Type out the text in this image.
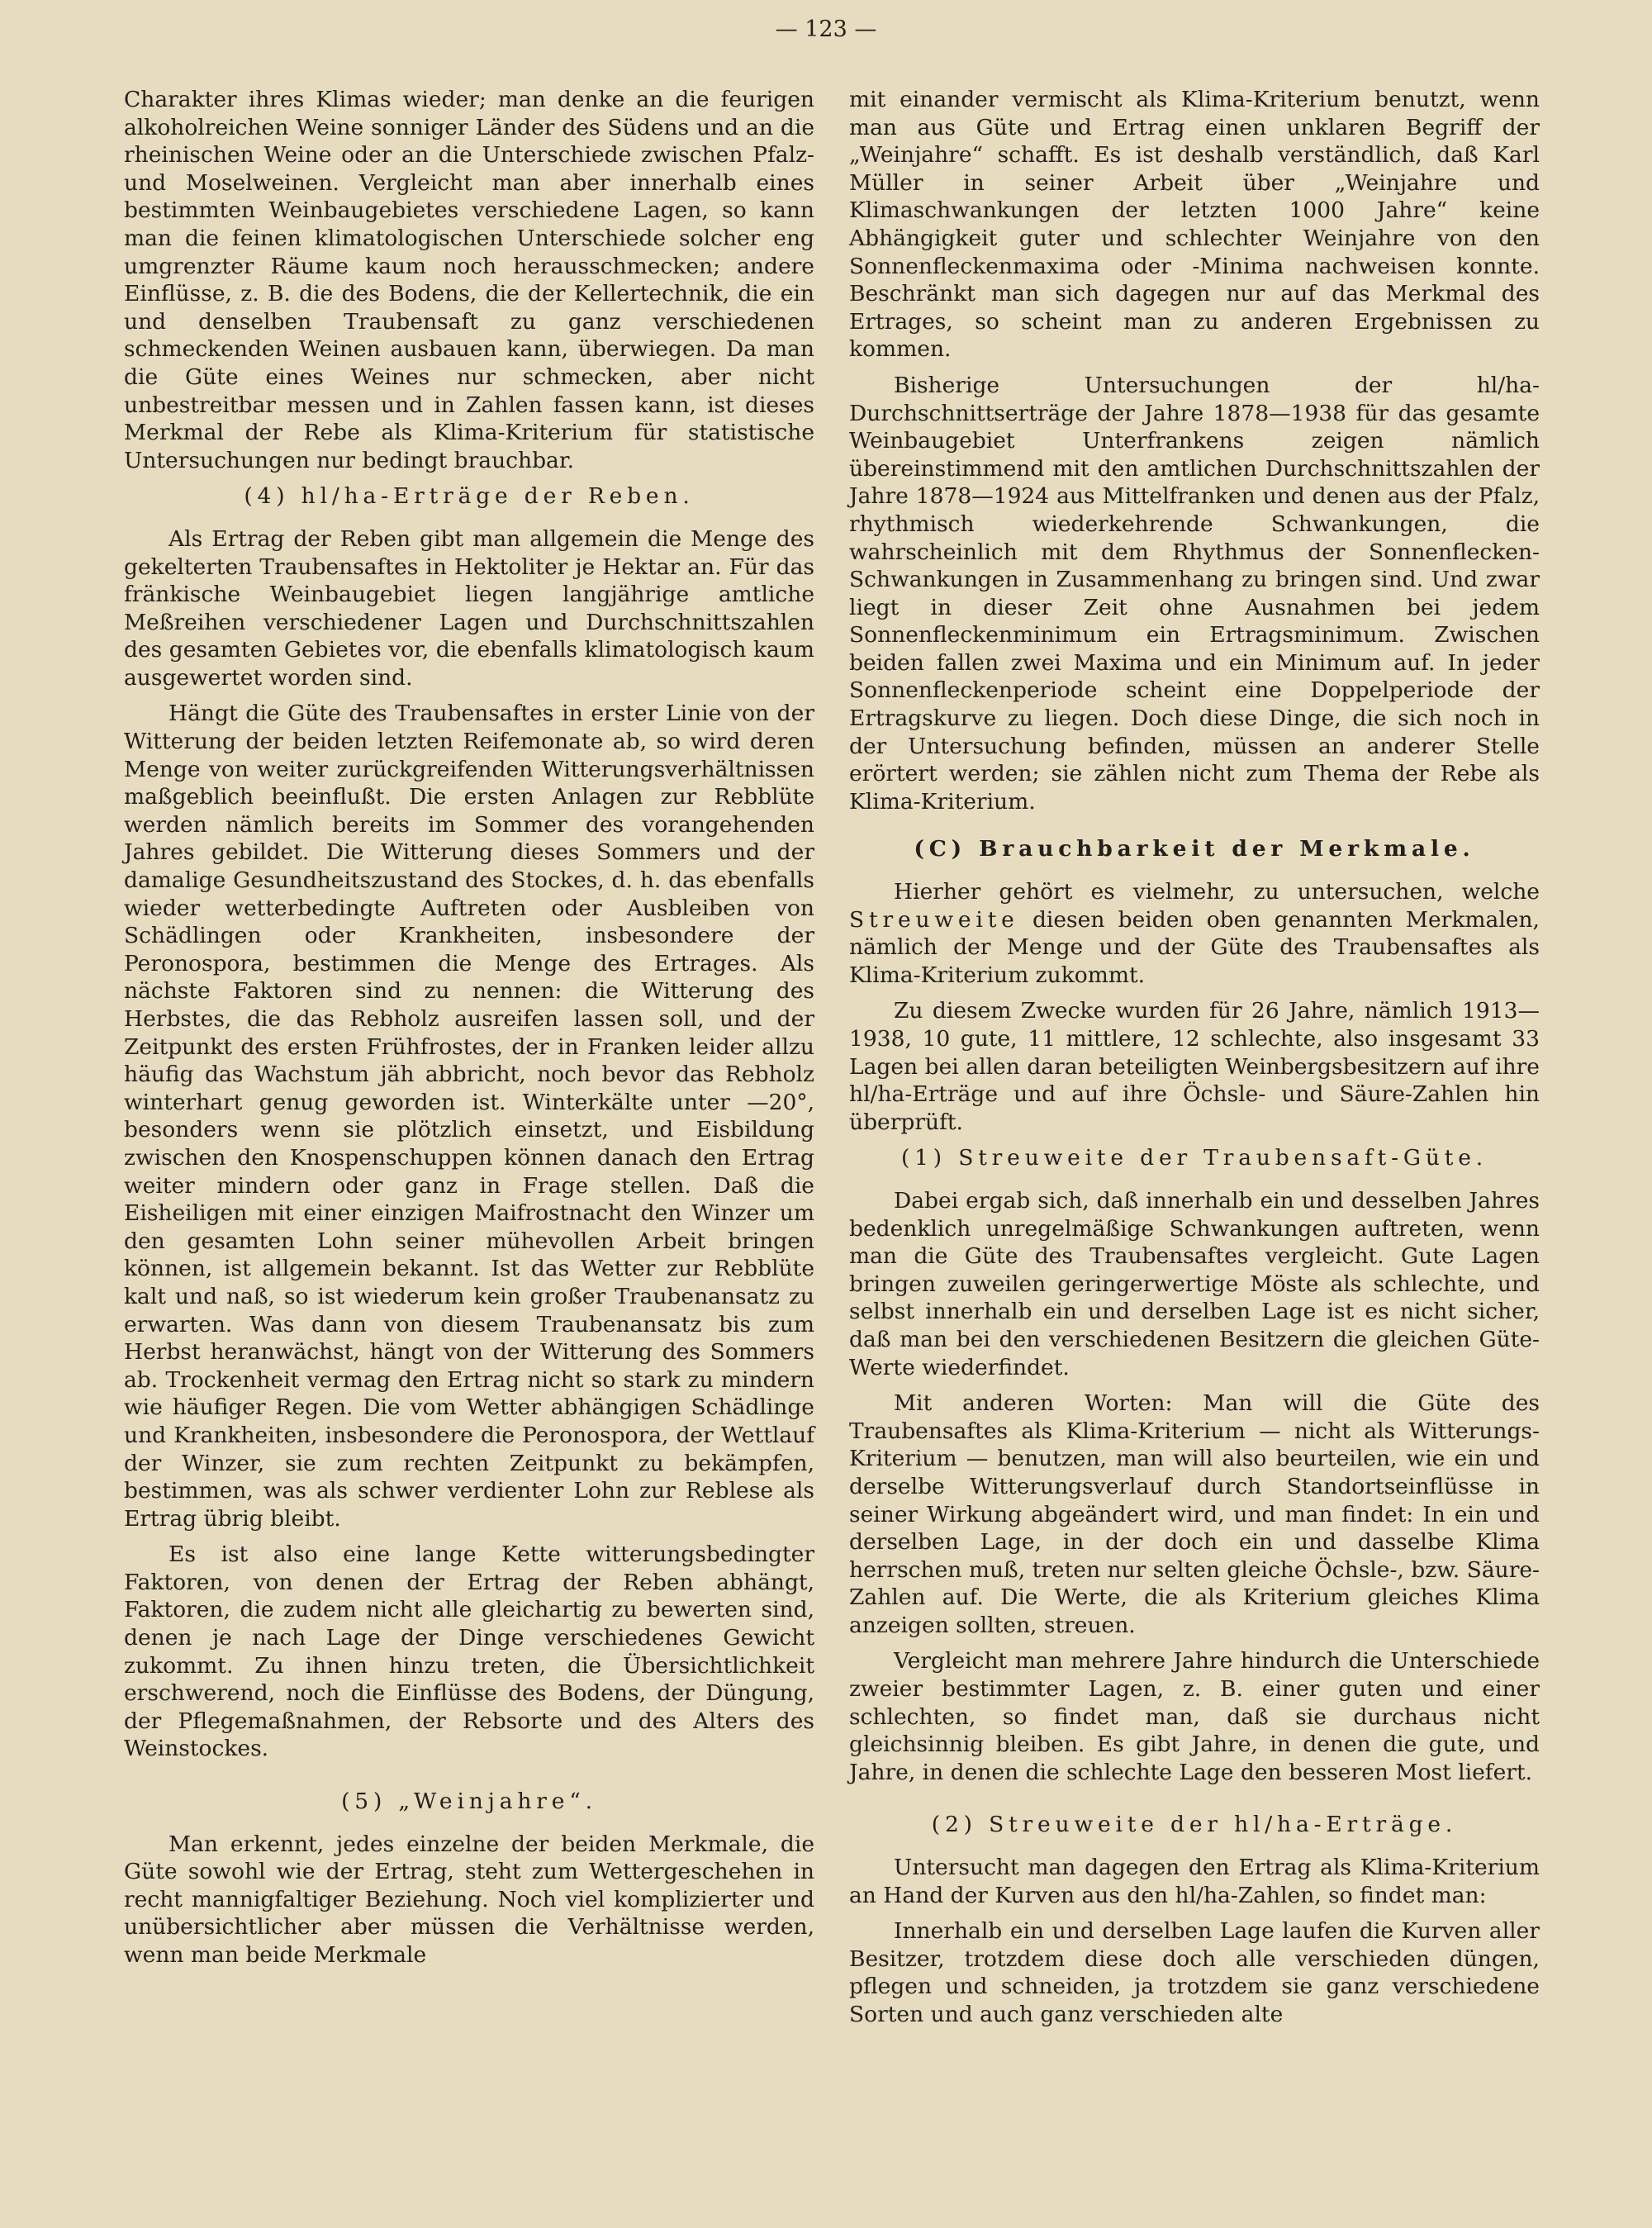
— 123 —

Charakter ihres Klimas wieder; man denke an die feurigen alkoholreichen Weine sonniger Länder des Südens und an die rheinischen Weine oder an die Unterschiede zwischen Pfalz- und Moselweinen. Vergleicht man aber innerhalb eines bestimmten Weinbaugebietes verschiedene Lagen, so kann man die feinen klimatologischen Unterschiede solcher eng umgrenzter Räume kaum noch herausschmecken; andere Einflüsse, z. B. die des Bodens, die der Kellertechnik, die ein und denselben Traubensaft zu ganz verschiedenen schmeckenden Weinen ausbauen kann, überwiegen. Da man die Güte eines Weines nur schmecken, aber nicht unbestreitbar messen und in Zahlen fassen kann, ist dieses Merkmal der Rebe als Klima-Kriterium für statistische Untersuchungen nur bedingt brauchbar.

(4) hl/ha-Erträge der Reben.

Als Ertrag der Reben gibt man allgemein die Menge des gekelterten Traubensaftes in Hektoliter je Hektar an. Für das fränkische Weinbaugebiet liegen langjährige amtliche Meßreihen verschiedener Lagen und Durchschnittszahlen des gesamten Gebietes vor, die ebenfalls klimatologisch kaum ausgewertet worden sind.

Hängt die Güte des Traubensaftes in erster Linie von der Witterung der beiden letzten Reifemonate ab, so wird deren Menge von weiter zurückgreifenden Witterungsverhältnissen maßgeblich beeinflußt. Die ersten Anlagen zur Rebblüte werden nämlich bereits im Sommer des vorangehenden Jahres gebildet. Die Witterung dieses Sommers und der damalige Gesundheitszustand des Stockes, d. h. das ebenfalls wieder wetterbedingte Auftreten oder Ausbleiben von Schädlingen oder Krankheiten, insbesondere der Peronospora, bestimmen die Menge des Ertrages. Als nächste Faktoren sind zu nennen: die Witterung des Herbstes, die das Rebholz ausreifen lassen soll, und der Zeitpunkt des ersten Frühfrostes, der in Franken leider allzu häufig das Wachstum jäh abbricht, noch bevor das Rebholz winterhart genug geworden ist. Winterkälte unter —20°, besonders wenn sie plötzlich einsetzt, und Eisbildung zwischen den Knospenschuppen können danach den Ertrag weiter mindern oder ganz in Frage stellen. Daß die Eisheiligen mit einer einzigen Maifrostnacht den Winzer um den gesamten Lohn seiner mühevollen Arbeit bringen können, ist allgemein bekannt. Ist das Wetter zur Rebblüte kalt und naß, so ist wiederum kein großer Traubenansatz zu erwarten. Was dann von diesem Traubenansatz bis zum Herbst heranwächst, hängt von der Witterung des Sommers ab. Trockenheit vermag den Ertrag nicht so stark zu mindern wie häufiger Regen. Die vom Wetter abhängigen Schädlinge und Krankheiten, insbesondere die Peronospora, der Wettlauf der Winzer, sie zum rechten Zeitpunkt zu bekämpfen, bestimmen, was als schwer verdienter Lohn zur Reblese als Ertrag übrig bleibt.

Es ist also eine lange Kette witterungsbedingter Faktoren, von denen der Ertrag der Reben abhängt, Faktoren, die zudem nicht alle gleichartig zu bewerten sind, denen je nach Lage der Dinge verschiedenes Gewicht zukommt. Zu ihnen hinzu treten, die Übersichtlichkeit erschwerend, noch die Einflüsse des Bodens, der Düngung, der Pflegemaßnahmen, der Rebsorte und des Alters des Weinstockes.

(5) „Weinjahre“.

Man erkennt, jedes einzelne der beiden Merkmale, die Güte sowohl wie der Ertrag, steht zum Wettergeschehen in recht mannigfaltiger Beziehung. Noch viel komplizierter und unübersichtlicher aber müssen die Verhältnisse werden, wenn man beide Merkmale

mit einander vermischt als Klima-Kriterium benutzt, wenn man aus Güte und Ertrag einen unklaren Begriff der „Weinjahre“ schafft. Es ist deshalb verständlich, daß Karl Müller in seiner Arbeit über „Weinjahre und Klimaschwankungen der letzten 1000 Jahre“ keine Abhängigkeit guter und schlechter Weinjahre von den Sonnenfleckenmaxima oder -Minima nachweisen konnte. Beschränkt man sich dagegen nur auf das Merkmal des Ertrages, so scheint man zu anderen Ergebnissen zu kommen.

Bisherige Untersuchungen der hl/ha-Durchschnittserträge der Jahre 1878—1938 für das gesamte Weinbaugebiet Unterfrankens zeigen nämlich übereinstimmend mit den amtlichen Durchschnittszahlen der Jahre 1878—1924 aus Mittelfranken und denen aus der Pfalz, rhythmisch wiederkehrende Schwankungen, die wahrscheinlich mit dem Rhythmus der Sonnenflecken-Schwankungen in Zusammenhang zu bringen sind. Und zwar liegt in dieser Zeit ohne Ausnahmen bei jedem Sonnenfleckenminimum ein Ertragsminimum. Zwischen beiden fallen zwei Maxima und ein Minimum auf. In jeder Sonnenfleckenperiode scheint eine Doppelperiode der Ertragskurve zu liegen. Doch diese Dinge, die sich noch in der Untersuchung befinden, müssen an anderer Stelle erörtert werden; sie zählen nicht zum Thema der Rebe als Klima-Kriterium.

(C) Brauchbarkeit der Merkmale.

Hierher gehört es vielmehr, zu untersuchen, welche Streuweite diesen beiden oben genannten Merkmalen, nämlich der Menge und der Güte des Traubensaftes als Klima-Kriterium zukommt.

Zu diesem Zwecke wurden für 26 Jahre, nämlich 1913—1938, 10 gute, 11 mittlere, 12 schlechte, also insgesamt 33 Lagen bei allen daran beteiligten Weinbergsbesitzern auf ihre hl/ha-Erträge und auf ihre Öchsle- und Säure-Zahlen hin überprüft.

(1) Streuweite der Traubensaft-Güte.

Dabei ergab sich, daß innerhalb ein und desselben Jahres bedenklich unregelmäßige Schwankungen auftreten, wenn man die Güte des Traubensaftes vergleicht. Gute Lagen bringen zuweilen geringerwertige Möste als schlechte, und selbst innerhalb ein und derselben Lage ist es nicht sicher, daß man bei den verschiedenen Besitzern die gleichen Güte-Werte wiederfindet.

Mit anderen Worten: Man will die Güte des Traubensaftes als Klima-Kriterium — nicht als Witterungs-Kriterium — benutzen, man will also beurteilen, wie ein und derselbe Witterungsverlauf durch Standortseinflüsse in seiner Wirkung abgeändert wird, und man findet: In ein und derselben Lage, in der doch ein und dasselbe Klima herrschen muß, treten nur selten gleiche Öchsle-, bzw. Säure-Zahlen auf. Die Werte, die als Kriterium gleiches Klima anzeigen sollten, streuen.

Vergleicht man mehrere Jahre hindurch die Unterschiede zweier bestimmter Lagen, z. B. einer guten und einer schlechten, so findet man, daß sie durchaus nicht gleichsinnig bleiben. Es gibt Jahre, in denen die gute, und Jahre, in denen die schlechte Lage den besseren Most liefert.

(2) Streuweite der hl/ha-Erträge.

Untersucht man dagegen den Ertrag als Klima-Kriterium an Hand der Kurven aus den hl/ha-Zahlen, so findet man:

Innerhalb ein und derselben Lage laufen die Kurven aller Besitzer, trotzdem diese doch alle verschieden düngen, pflegen und schneiden, ja trotzdem sie ganz verschiedene Sorten und auch ganz verschieden alte
